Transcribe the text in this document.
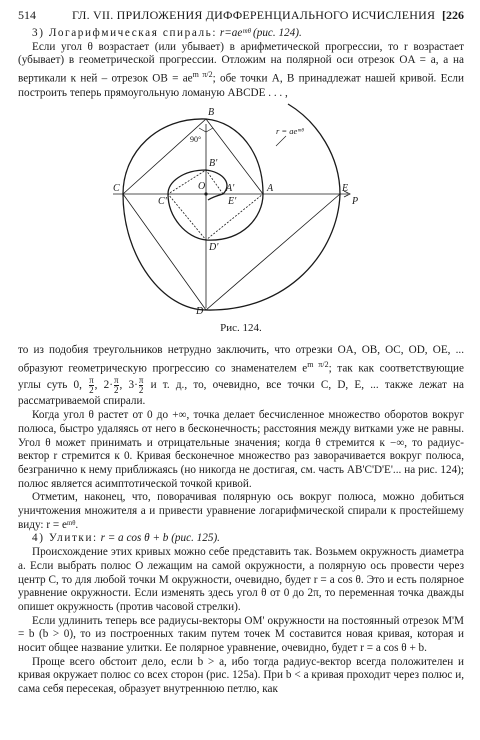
514	ГЛ. VII. ПРИЛОЖЕНИЯ ДИФФЕРЕНЦИАЛЬНОГО ИСЧИСЛЕНИЯ [226

3) Логарифмическая спираль: r=aeᵐᶿ (рис. 124).

Если угол θ возрастает (или убывает) в арифметической прогрессии, то r возрастает (убывает) в геометрической прогрессии. Отложим на полярной оси отрезок OA = a, а на вертикали к ней – отрезок OB = $ae^{m \pi/2}$; обе точки A, B принадлежат нашей кривой. Если построить теперь прямоугольную ломаную ABCDE . . . ,

A
B
C
D
E
A'
B'
C'
D'
E'
O
P
90°
r = aeᵐᶿ
Рис. 124.

то из подобия треугольников нетрудно заключить, что отрезки OA, OB, OC, OD, OE, ... образуют геометрическую прогрессию со знаменателем $e^{m \pi/2}$; так как соответствующие углы суть 0, $\frac{\pi}{2}$ , $2\cdot \frac{\pi}{2}$ , $3\cdot \frac{\pi}{2}$ и т. д., то, очевидно, все точки C, D, E, ... также лежат на рассматриваемой спирали.

Когда угол θ растет от 0 до +∞, точка делает бесчисленное множество оборотов вокруг полюса, быстро удаляясь от него в бесконечность; расстояния между витками уже не равны. Угол θ может принимать и отрицательные значения; когда θ стремится к −∞, то радиус-вектор r стремится к 0. Кривая бесконечное множество раз заворачивается вокруг полюса, безгранично к нему приближаясь (но никогда не достигая, см. часть AB'C'D'E'... на рис. 124); полюс является асимптотической точкой кривой.

Отметим, наконец, что, поворачивая полярную ось вокруг полюса, можно добиться уничтожения множителя a и привести уравнение логарифмической спирали к простейшему виду: r = eᵐᶿ.

4) Улитки: r = a cos θ + b (рис. 125).

Происхождение этих кривых можно себе представить так. Возьмем окружность диаметра a. Если выбрать полюс O лежащим на самой окружности, а полярную ось провести через центр C, то для любой точки M окружности, очевидно, будет r = a cos θ. Это и есть полярное уравнение окружности. Если изменять здесь угол θ от 0 до 2π, то переменная точка дважды опишет окружность (против часовой стрелки).

Если удлинить теперь все радиусы-векторы OM' окружности на постоянный отрезок M'M = b (b > 0), то из построенных таким путем точек M составится новая кривая, которая и носит общее название улитки. Ее полярное уравнение, очевидно, будет r = a cos θ + b.

Проще всего обстоит дело, если b > a, ибо тогда радиус-вектор всегда положителен и кривая окружает полюс со всех сторон (рис. 125a). При b < a кривая проходит через полюс и, сама себя пересекая, образует внутреннюю петлю, как
